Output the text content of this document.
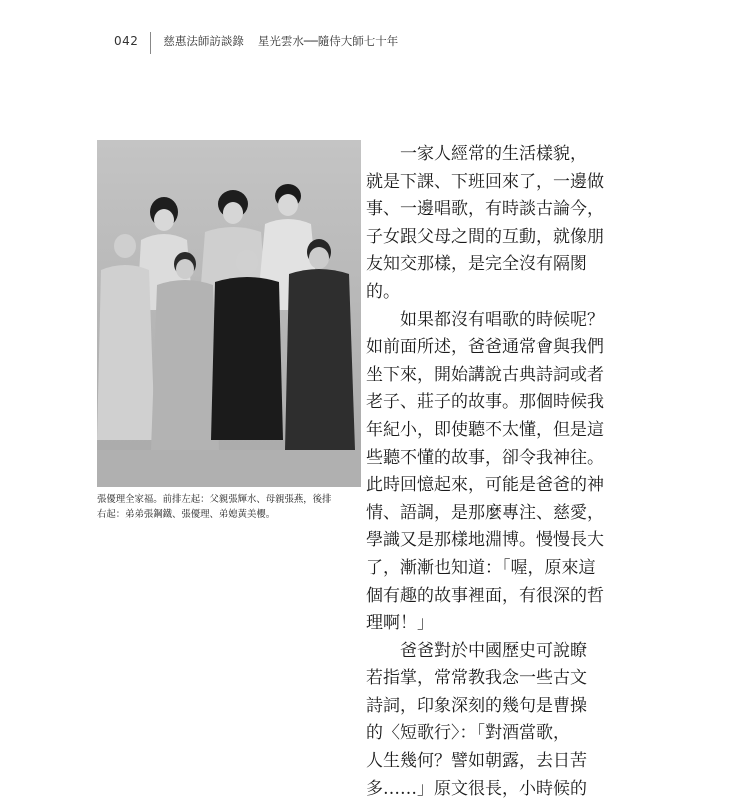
042 慈惠法師訪談錄 星光雲水──隨侍大師七十年
張優理全家福。前排左起：父親張輝水、母親張燕，後排
右起：弟弟張鋼鐵、張優理、弟媳黃美櫻。
一家人經常的生活樣貌，
就是下課、下班回來了，一邊做
事、一邊唱歌，有時談古論今，
子女跟父母之間的互動，就像朋
友知交那樣，是完全沒有隔閡
的。
如果都沒有唱歌的時候呢？
如前面所述，爸爸通常會與我們
坐下來，開始講說古典詩詞或者
老子、莊子的故事。那個時候我
年紀小，即使聽不太懂，但是這
些聽不懂的故事，卻令我神往。
此時回憶起來，可能是爸爸的神
情、語調，是那麼專注、慈愛，
學識又是那樣地淵博。慢慢長大
了，漸漸也知道：「喔，原來這
個有趣的故事裡面，有很深的哲
理啊！」
爸爸對於中國歷史可說瞭
若指掌，常常教我念一些古文
詩詞，印象深刻的幾句是曹操
的〈短歌行〉：「對酒當歌，
人生幾何？譬如朝露，去日苦
多……」原文很長，小時候的
